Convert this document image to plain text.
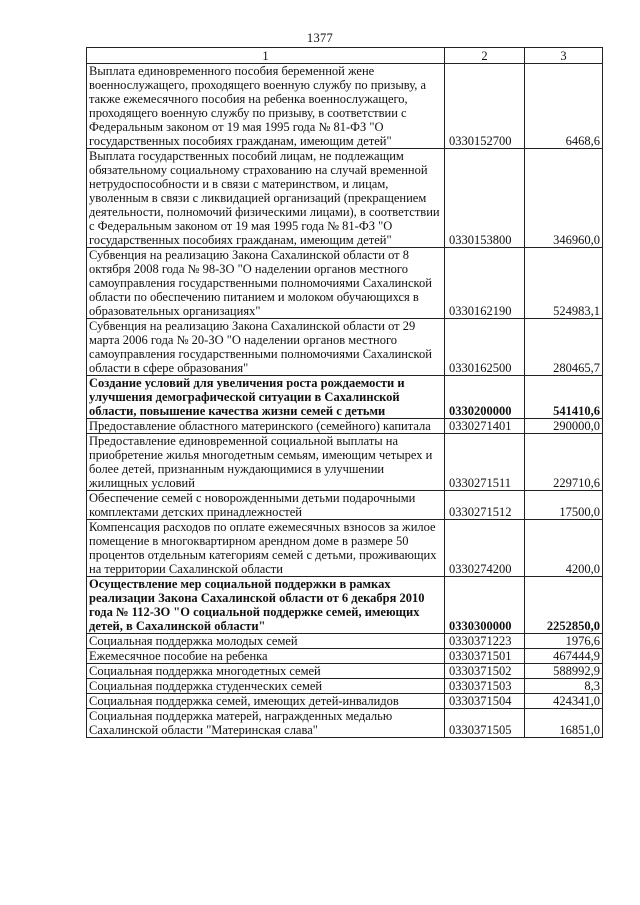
1377
1	2	3
Выплата единовременного пособия беременной жене военнослужащего, проходящего военную службу по призыву, а также ежемесячного пособия на ребенка военнослужащего, проходящего военную службу по призыву, в соответствии с Федеральным законом от 19 мая 1995 года № 81-ФЗ "О государственных пособиях гражданам, имеющим детей"	0330152700	6468,6
Выплата государственных пособий лицам, не подлежащим обязательному социальному страхованию на случай временной нетрудоспособности и в связи с материнством, и лицам, уволенным в связи с ликвидацией организаций (прекращением деятельности, полномочий физическими лицами), в соответствии с Федеральным законом от 19 мая 1995 года № 81-ФЗ "О государственных пособиях гражданам, имеющим детей"	0330153800	346960,0
Субвенция на реализацию Закона Сахалинской области от 8 октября 2008 года № 98-ЗО "О наделении органов местного самоуправления государственными полномочиями Сахалинской области по обеспечению питанием и молоком обучающихся в образовательных организациях"	0330162190	524983,1
Субвенция на реализацию Закона Сахалинской области от 29 марта 2006 года № 20-ЗО "О наделении органов местного самоуправления государственными полномочиями Сахалинской области в сфере образования"	0330162500	280465,7
Создание условий для увеличения роста рождаемости и улучшения демографической ситуации в Сахалинской области, повышение качества жизни семей с детьми	0330200000	541410,6
Предоставление областного материнского (семейного) капитала	0330271401	290000,0
Предоставление единовременной социальной выплаты на приобретение жилья многодетным семьям, имеющим четырех и более детей, признанным нуждающимися в улучшении жилищных условий	0330271511	229710,6
Обеспечение семей с новорожденными детьми подарочными комплектами детских принадлежностей	0330271512	17500,0
Компенсация расходов по оплате ежемесячных взносов за жилое помещение в многоквартирном арендном доме в размере 50 процентов отдельным категориям семей с детьми, проживающих на территории Сахалинской области	0330274200	4200,0
Осуществление мер социальной поддержки в рамках реализации Закона Сахалинской области от 6 декабря 2010 года № 112-ЗО "О социальной поддержке семей, имеющих детей, в Сахалинской области"	0330300000	2252850,0
Социальная поддержка молодых семей	0330371223	1976,6
Ежемесячное пособие на ребенка	0330371501	467444,9
Социальная поддержка многодетных семей	0330371502	588992,9
Социальная поддержка студенческих семей	0330371503	8,3
Социальная поддержка семей, имеющих детей-инвалидов	0330371504	424341,0
Социальная поддержка матерей, награжденных медалью Сахалинской области "Материнская слава"	0330371505	16851,0
